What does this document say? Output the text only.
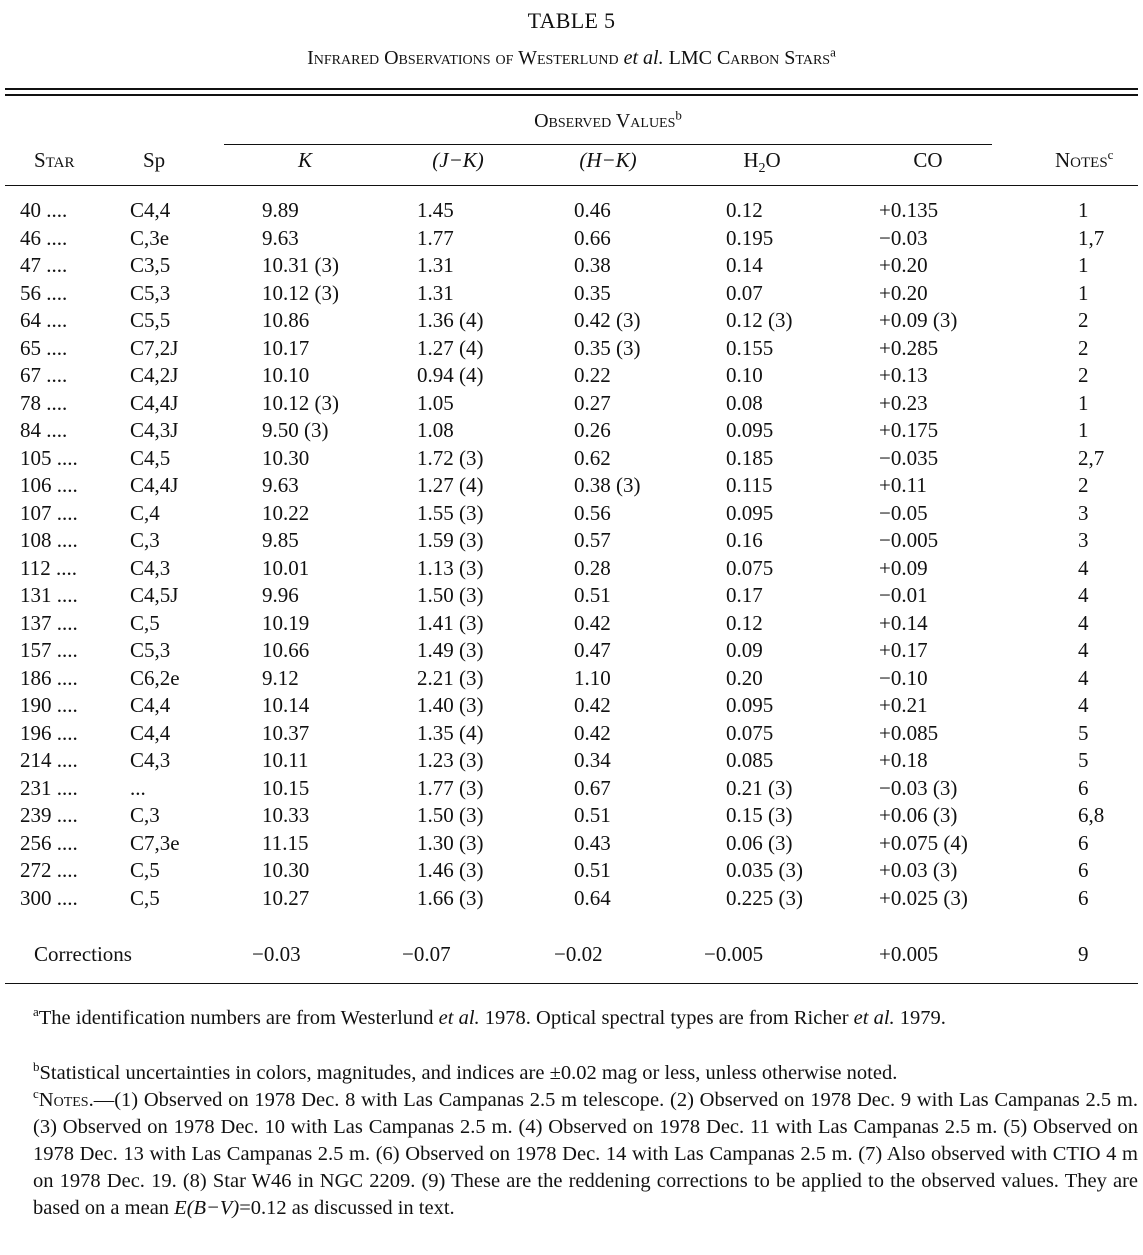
TABLE 5
Infrared Observations of Westerlund et al. LMC Carbon Stars$^a$
Observed Values$^b$
Star	Sp	K	(J−K)	(H−K)	$H_2O$	CO	Notes$^c$
40 ....	C4,4	9.89	1.45	0.46	0.12	+0.135	1
46 ....	C,3e	9.63	1.77	0.66	0.195	−0.03	1,7
47 ....	C3,5	10.31 (3)	1.31	0.38	0.14	+0.20	1
56 ....	C5,3	10.12 (3)	1.31	0.35	0.07	+0.20	1
64 ....	C5,5	10.86	1.36 (4)	0.42 (3)	0.12 (3)	+0.09 (3)	2
65 ....	C7,2J	10.17	1.27 (4)	0.35 (3)	0.155	+0.285	2
67 ....	C4,2J	10.10	0.94 (4)	0.22	0.10	+0.13	2
78 ....	C4,4J	10.12 (3)	1.05	0.27	0.08	+0.23	1
84 ....	C4,3J	9.50 (3)	1.08	0.26	0.095	+0.175	1
105 .... C4,5	10.30	1.72 (3)	0.62	0.185	−0.035	2,7
106 .... C4,4J	9.63	1.27 (4)	0.38 (3)	0.115	+0.11	2
107 .... C,4	10.22	1.55 (3)	0.56	0.095	−0.05	3
108 .... C,3	9.85	1.59 (3)	0.57	0.16	−0.005	3
112 ....	C4,3	10.01	1.13 (3)	0.28	0.075	+0.09	4
131 .... C4,5J	9.96	1.50 (3)	0.51	0.17	−0.01	4
137 .... C,5	10.19	1.41 (3)	0.42	0.12	+0.14	4
157 .... C5,3	10.66	1.49 (3)	0.47	0.09	+0.17	4
186 .... C6,2e	9.12	2.21 (3)	1.10	0.20	−0.10	4
190 .... C4,4	10.14	1.40 (3)	0.42	0.095	+0.21	4
196 .... C4,4	10.37	1.35 (4)	0.42	0.075	+0.085	5
214 .... C4,3	10.11	1.23 (3)	0.34	0.085	+0.18	5
231 .... ...	10.15	1.77 (3)	0.67	0.21 (3)	−0.03 (3)	6
239 .... C,3	10.33	1.50 (3)	0.51	0.15 (3)	+0.06 (3)	6,8
256 .... C7,3e	11.15	1.30 (3)	0.43	0.06 (3)	+0.075 (4)	6
272 .... C,5	10.30	1.46 (3)	0.51	0.035 (3)	+0.03 (3)	6
300 .... C,5	10.27	1.66 (3)	0.64	0.225 (3)	+0.025 (3)	6
Corrections	−0.03	−0.07	−0.02	−0.005	+0.005	9

$^a$The identification numbers are from Westerlund et al. 1978. Optical spectral types are from Richer et al. 1979.

$^b$Statistical uncertainties in colors, magnitudes, and indices are ±0.02 mag or less, unless otherwise noted.

$^c$Notes.—(1) Observed on 1978 Dec. 8 with Las Campanas 2.5 m telescope. (2) Observed on 1978 Dec. 9 with Las Campanas 2.5 m. (3) Observed on 1978 Dec. 10 with Las Campanas 2.5 m. (4) Observed on 1978 Dec. 11 with Las Campanas 2.5 m. (5) Observed on 1978 Dec. 13 with Las Campanas 2.5 m. (6) Observed on 1978 Dec. 14 with Las Campanas 2.5 m. (7) Also observed with CTIO 4 m on 1978 Dec. 19. (8) Star W46 in NGC 2209. (9) These are the reddening corrections to be applied to the observed values. They are based on a mean E(B−V)=0.12 as discussed in text.
